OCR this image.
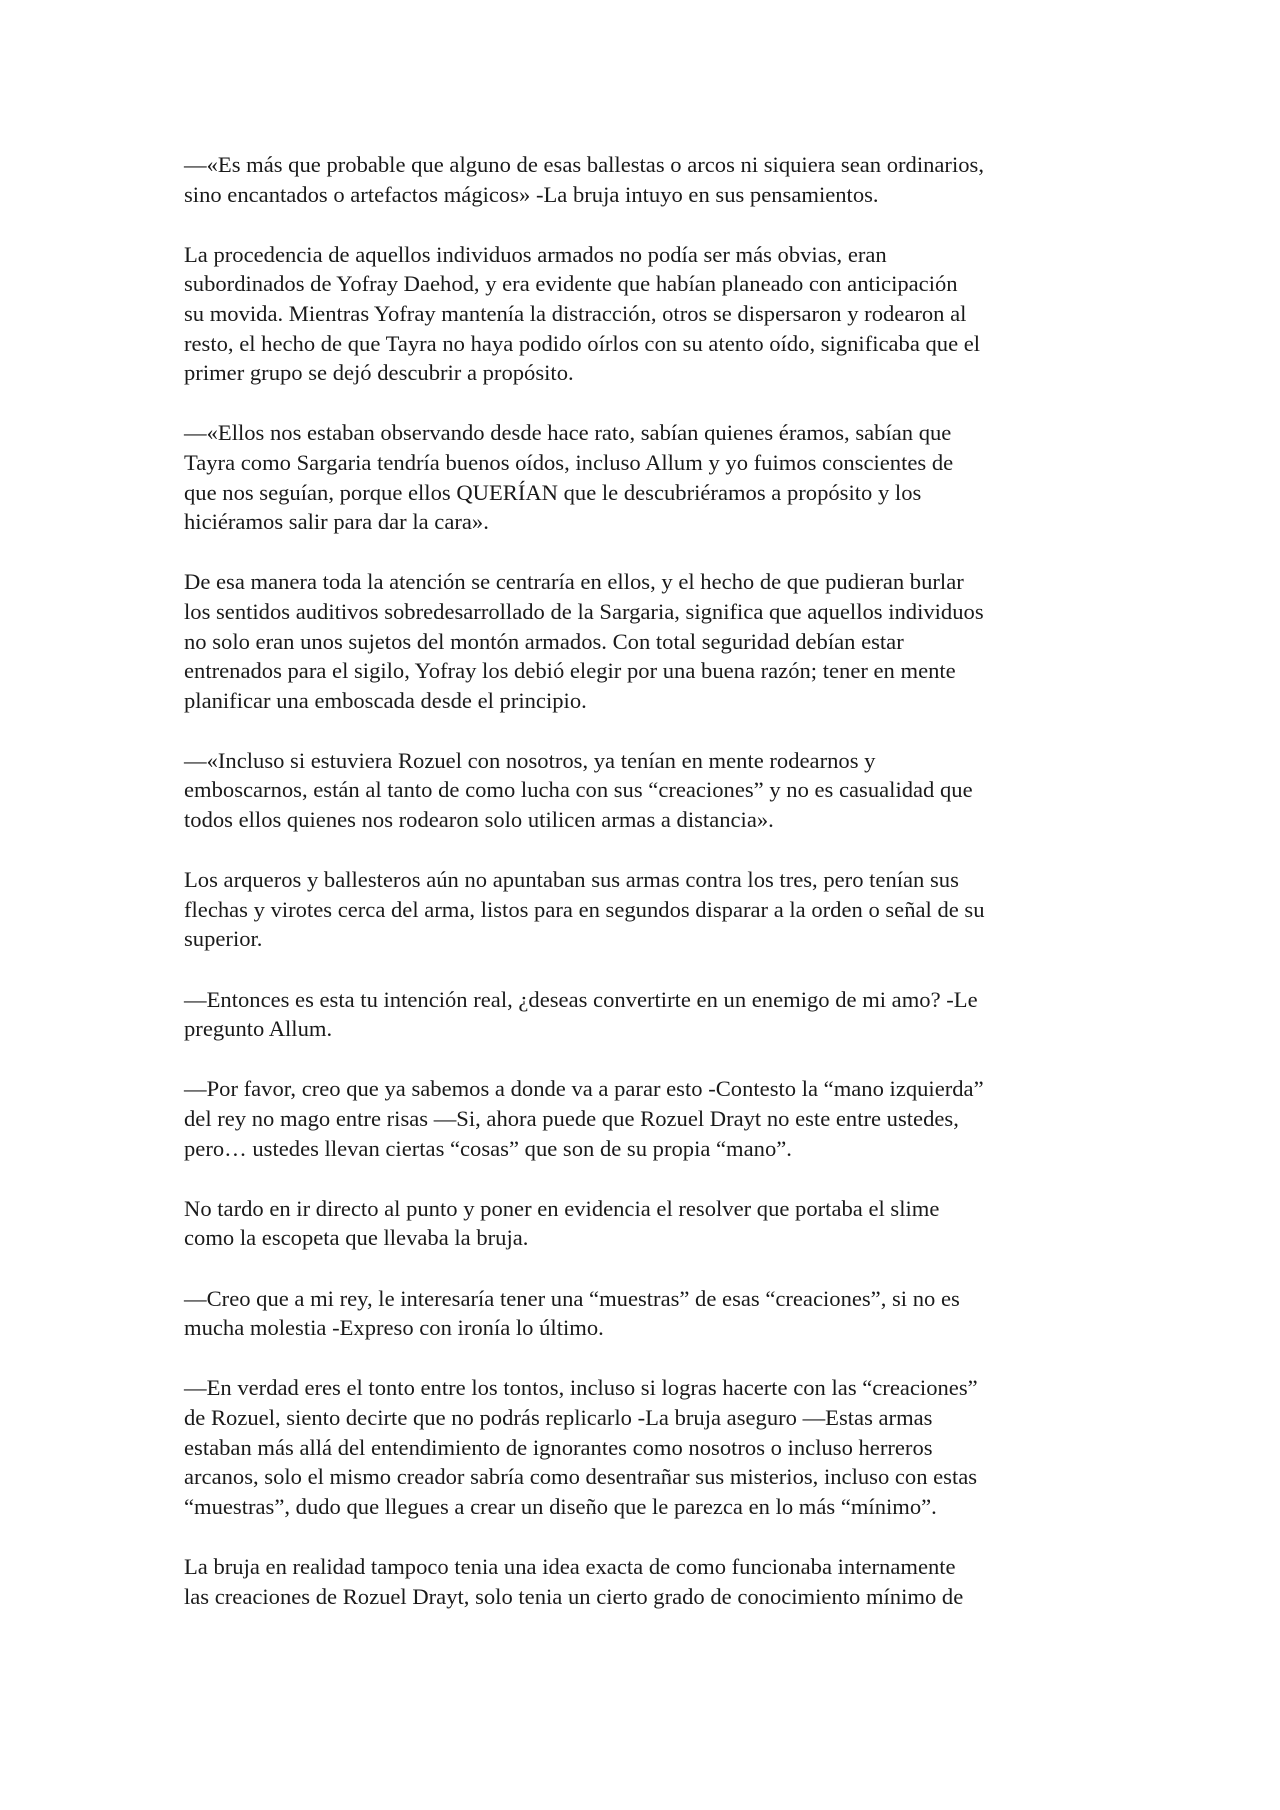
—«Es más que probable que alguno de esas ballestas o arcos ni siquiera sean ordinarios,
sino encantados o artefactos mágicos» -La bruja intuyo en sus pensamientos.

La procedencia de aquellos individuos armados no podía ser más obvias, eran
subordinados de Yofray Daehod, y era evidente que habían planeado con anticipación
su movida. Mientras Yofray mantenía la distracción, otros se dispersaron y rodearon al
resto, el hecho de que Tayra no haya podido oírlos con su atento oído, significaba que el
primer grupo se dejó descubrir a propósito.

—«Ellos nos estaban observando desde hace rato, sabían quienes éramos, sabían que
Tayra como Sargaria tendría buenos oídos, incluso Allum y yo fuimos conscientes de
que nos seguían, porque ellos QUERÍAN que le descubriéramos a propósito y los
hiciéramos salir para dar la cara».

De esa manera toda la atención se centraría en ellos, y el hecho de que pudieran burlar
los sentidos auditivos sobredesarrollado de la Sargaria, significa que aquellos individuos
no solo eran unos sujetos del montón armados. Con total seguridad debían estar
entrenados para el sigilo, Yofray los debió elegir por una buena razón; tener en mente
planificar una emboscada desde el principio.

—«Incluso si estuviera Rozuel con nosotros, ya tenían en mente rodearnos y
emboscarnos, están al tanto de como lucha con sus “creaciones” y no es casualidad que
todos ellos quienes nos rodearon solo utilicen armas a distancia».

Los arqueros y ballesteros aún no apuntaban sus armas contra los tres, pero tenían sus
flechas y virotes cerca del arma, listos para en segundos disparar a la orden o señal de su
superior.

—Entonces es esta tu intención real, ¿deseas convertirte en un enemigo de mi amo? -Le
pregunto Allum.

—Por favor, creo que ya sabemos a donde va a parar esto -Contesto la “mano izquierda”
del rey no mago entre risas —Si, ahora puede que Rozuel Drayt no este entre ustedes,
pero… ustedes llevan ciertas “cosas” que son de su propia “mano”.

No tardo en ir directo al punto y poner en evidencia el resolver que portaba el slime
como la escopeta que llevaba la bruja.

—Creo que a mi rey, le interesaría tener una “muestras” de esas “creaciones”, si no es
mucha molestia -Expreso con ironía lo último.

—En verdad eres el tonto entre los tontos, incluso si logras hacerte con las “creaciones”
de Rozuel, siento decirte que no podrás replicarlo -La bruja aseguro —Estas armas
estaban más allá del entendimiento de ignorantes como nosotros o incluso herreros
arcanos, solo el mismo creador sabría como desentrañar sus misterios, incluso con estas
“muestras”, dudo que llegues a crear un diseño que le parezca en lo más “mínimo”.

La bruja en realidad tampoco tenia una idea exacta de como funcionaba internamente
las creaciones de Rozuel Drayt, solo tenia un cierto grado de conocimiento mínimo de
